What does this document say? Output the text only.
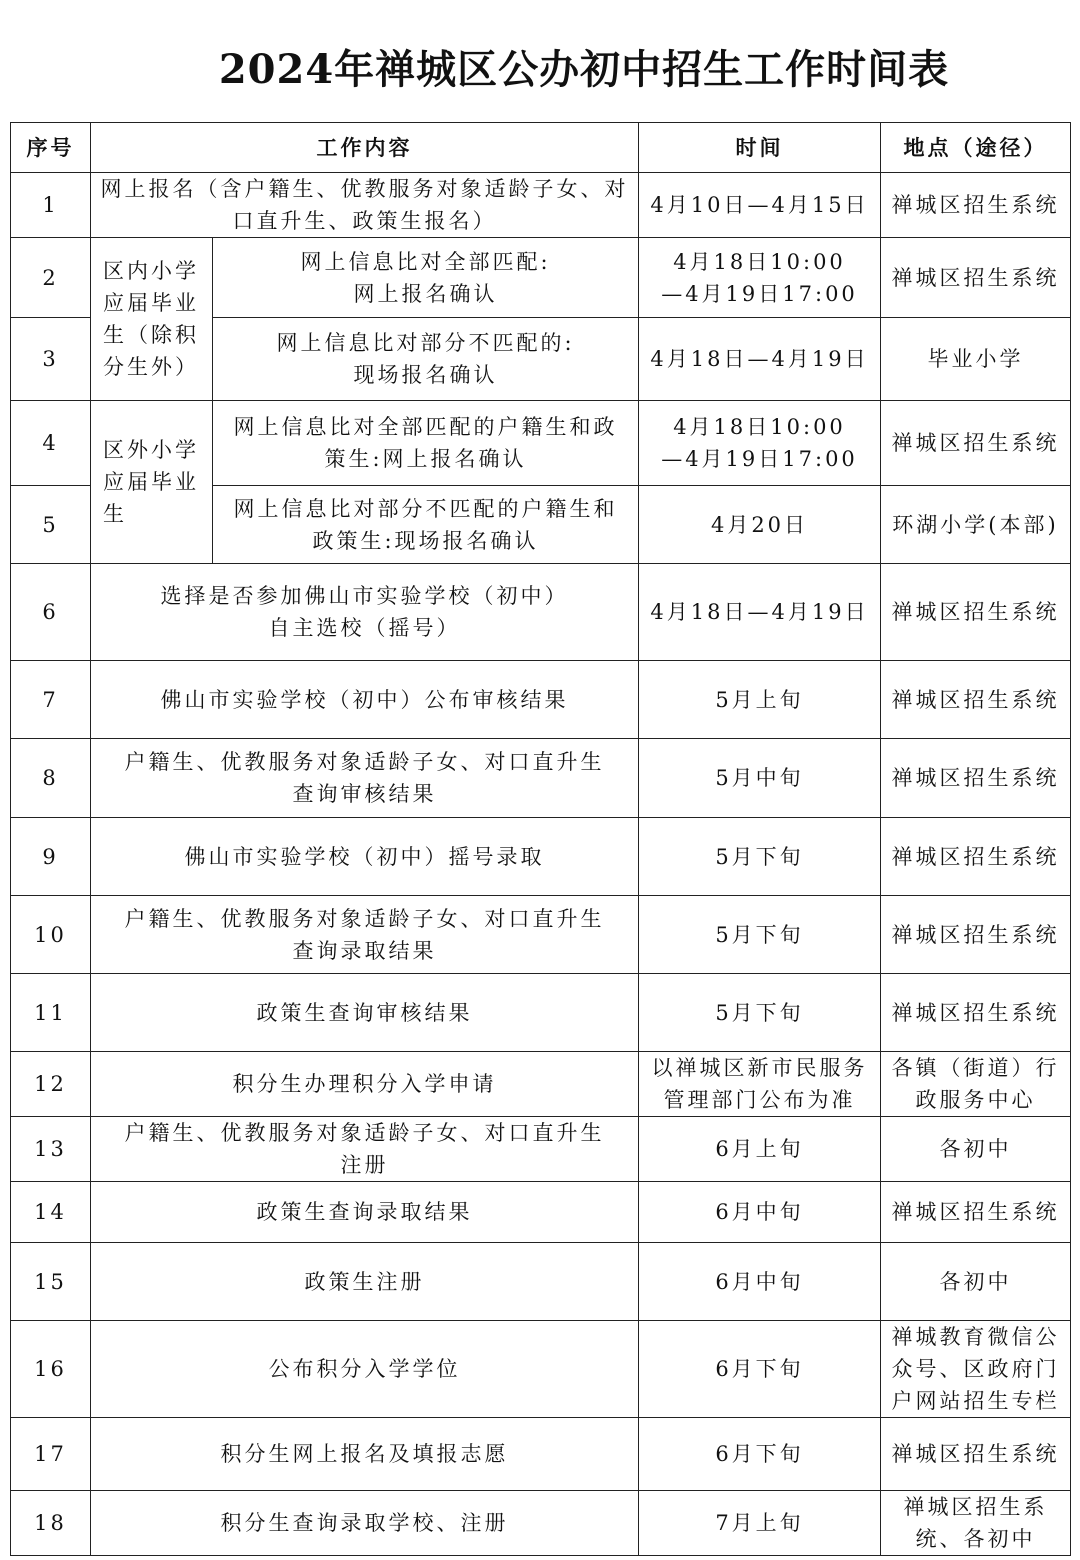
2024年禅城区公办初中招生工作时间表
序号	工作内容		时间	地点（途径）
1	网上报名（含户籍生、优教服务对象适龄子女、对
口直升生、政策生报名）		4月10日—4月15日	禅城区招生系统
2	区内小学
应届毕业
生（除积
分生外）	网上信息比对全部匹配:
网上报名确认	4月18日10:00
—4月19日17:00	禅城区招生系统
3		网上信息比对部分不匹配的:
现场报名确认	4月18日—4月19日	毕业小学
4	区外小学
应届毕业
生	网上信息比对全部匹配的户籍生和政
策生:网上报名确认	4月18日10:00
—4月19日17:00	禅城区招生系统
5		网上信息比对部分不匹配的户籍生和
政策生:现场报名确认	4月20日	环湖小学(本部)
6	选择是否参加佛山市实验学校（初中）
自主选校（摇号）		4月18日—4月19日	禅城区招生系统
7	佛山市实验学校（初中）公布审核结果		5月上旬	禅城区招生系统
8	户籍生、优教服务对象适龄子女、对口直升生
查询审核结果		5月中旬	禅城区招生系统
9	佛山市实验学校（初中）摇号录取		5月下旬	禅城区招生系统
10	户籍生、优教服务对象适龄子女、对口直升生
查询录取结果		5月下旬	禅城区招生系统
11	政策生查询审核结果		5月下旬	禅城区招生系统
12	积分生办理积分入学申请		以禅城区新市民服务
管理部门公布为准	各镇（街道）行
政服务中心
13	户籍生、优教服务对象适龄子女、对口直升生
注册		6月上旬	各初中
14	政策生查询录取结果		6月中旬	禅城区招生系统
15	政策生注册		6月中旬	各初中
16	公布积分入学学位		6月下旬	禅城教育微信公
众号、区政府门
户网站招生专栏
17	积分生网上报名及填报志愿		6月下旬	禅城区招生系统
18	积分生查询录取学校、注册		7月上旬	禅城区招生系
统、各初中
